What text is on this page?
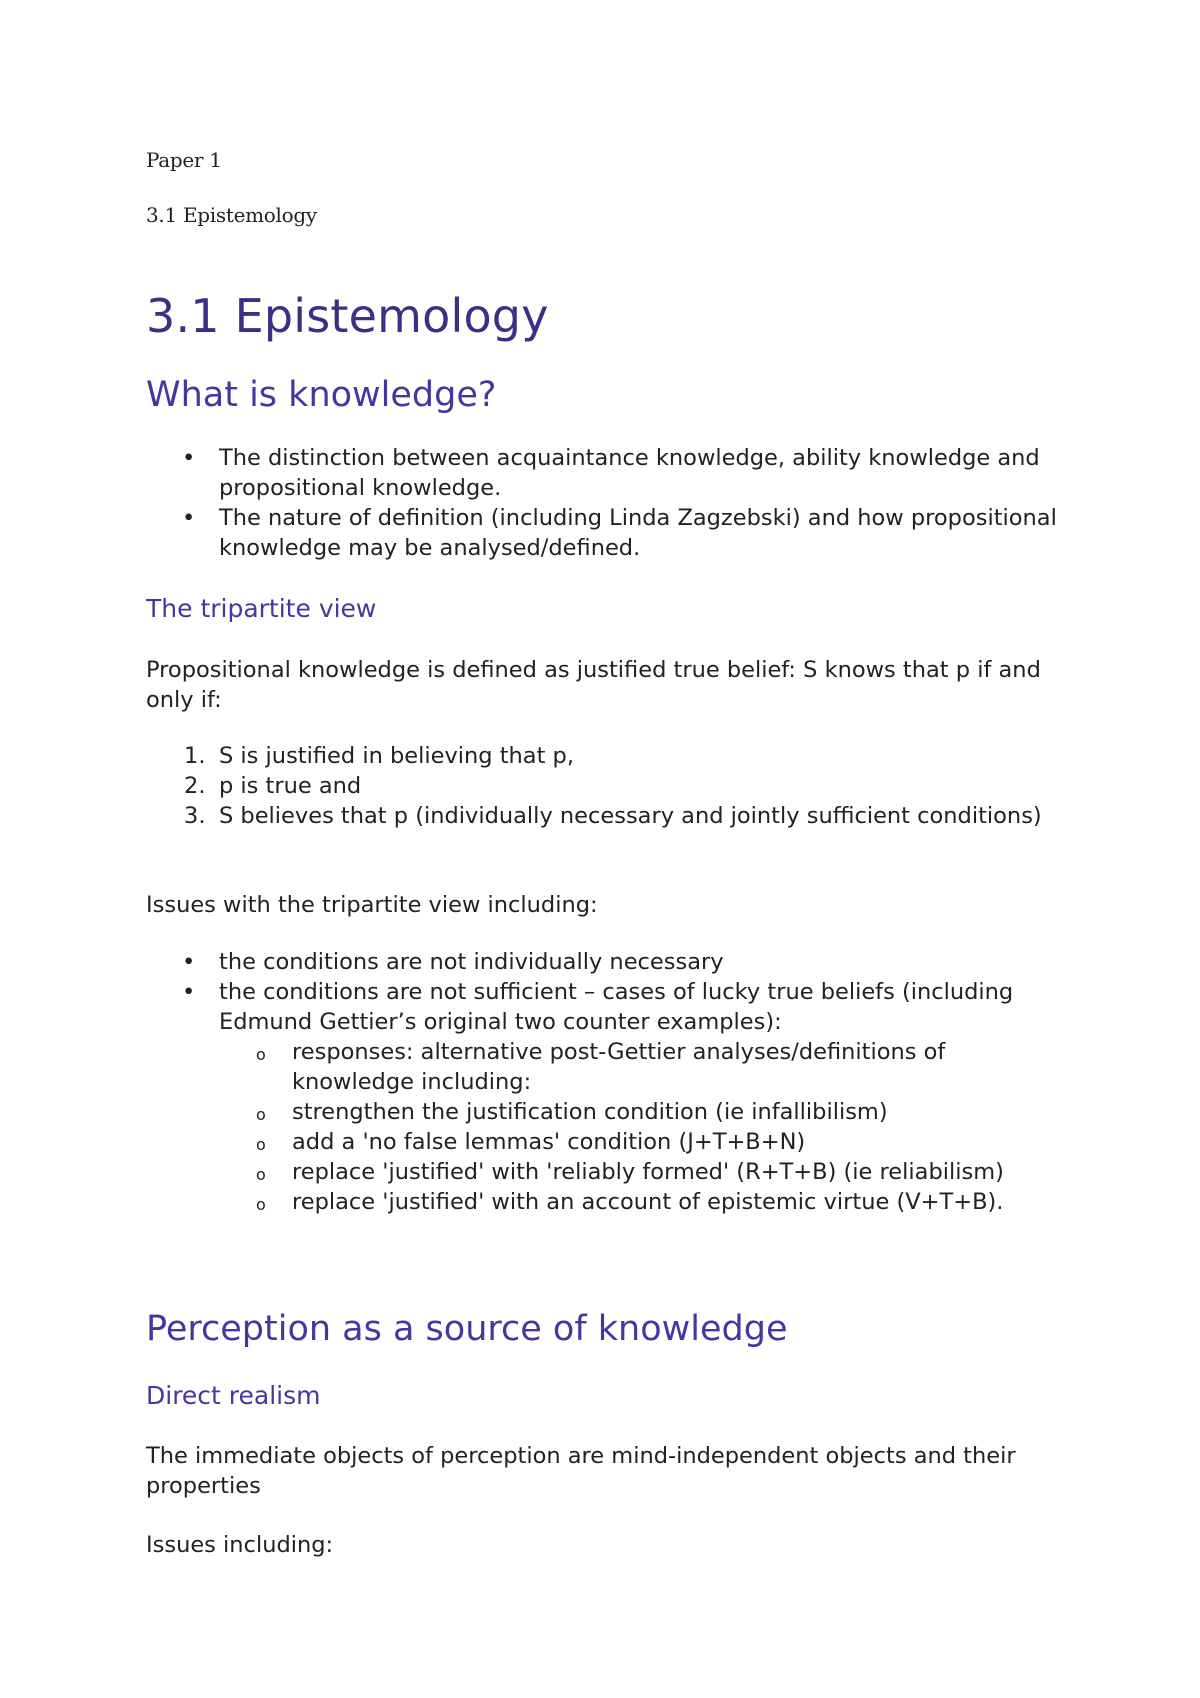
Paper 1
3.1 Epistemology
3.1 Epistemology
What is knowledge?
•	The distinction between acquaintance knowledge, ability knowledge and propositional knowledge.
•	The nature of definition (including Linda Zagzebski) and how propositional knowledge may be analysed/defined.
The tripartite view

Propositional knowledge is defined as justified true belief: S knows that p if and only if:

1. S is justified in believing that p,
2. p is true and
3. S believes that p (individually necessary and jointly sufficient conditions)

Issues with the tripartite view including:

•	the conditions are not individually necessary
•	the conditions are not sufficient – cases of lucky true beliefs (including Edmund Gettier’s original two counter examples):
o	responses: alternative post-Gettier analyses/definitions of knowledge including:
o	strengthen the justification condition (ie infallibilism)
o	add a 'no false lemmas' condition (J+T+B+N)
o	replace 'justified' with 'reliably formed' (R+T+B) (ie reliabilism)
o	replace 'justified' with an account of epistemic virtue (V+T+B).
Perception as a source of knowledge
Direct realism

The immediate objects of perception are mind-independent objects and their properties

Issues including:
